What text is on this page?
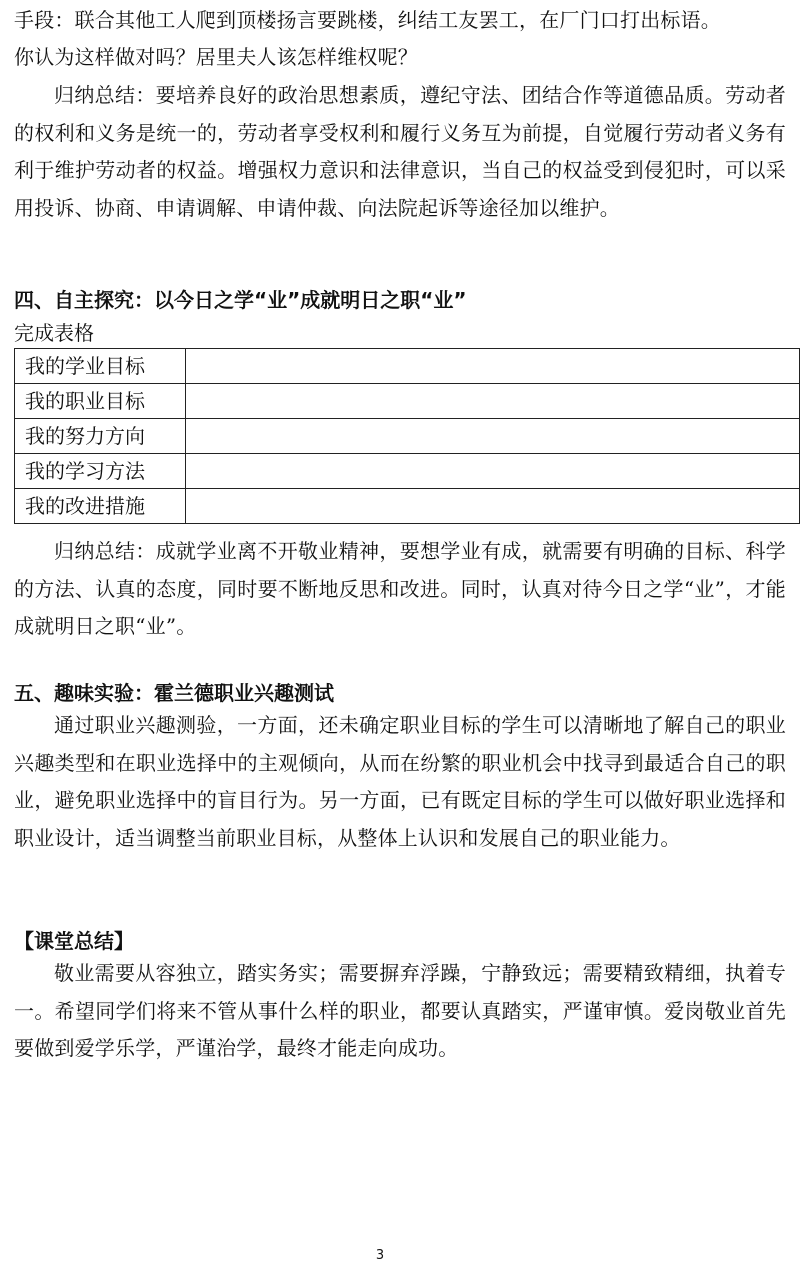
手段：联合其他工人爬到顶楼扬言要跳楼，纠结工友罢工，在厂门口打出标语。

你认为这样做对吗？居里夫人该怎样维权呢？

归纳总结：要培养良好的政治思想素质，遵纪守法、团结合作等道德品质。劳动者的权利和义务是统一的，劳动者享受权利和履行义务互为前提，自觉履行劳动者义务有利于维护劳动者的权益。增强权力意识和法律意识，当自己的权益受到侵犯时，可以采用投诉、协商、申请调解、申请仲裁、向法院起诉等途径加以维护。

四、自主探究：以今日之学“业”成就明日之职“业”

完成表格

我的学业目标	
我的职业目标	
我的努力方向	
我的学习方法	
我的改进措施	

归纳总结：成就学业离不开敬业精神，要想学业有成，就需要有明确的目标、科学的方法、认真的态度，同时要不断地反思和改进。同时，认真对待今日之学“业”，才能成就明日之职“业”。

五、趣味实验：霍兰德职业兴趣测试

通过职业兴趣测验，一方面，还未确定职业目标的学生可以清晰地了解自己的职业兴趣类型和在职业选择中的主观倾向，从而在纷繁的职业机会中找寻到最适合自己的职业，避免职业选择中的盲目行为。另一方面，已有既定目标的学生可以做好职业选择和职业设计，适当调整当前职业目标，从整体上认识和发展自己的职业能力。

【课堂总结】

敬业需要从容独立，踏实务实；需要摒弃浮躁，宁静致远；需要精致精细，执着专一。希望同学们将来不管从事什么样的职业，都要认真踏实，严谨审慎。爱岗敬业首先要做到爱学乐学，严谨治学，最终才能走向成功。

3
